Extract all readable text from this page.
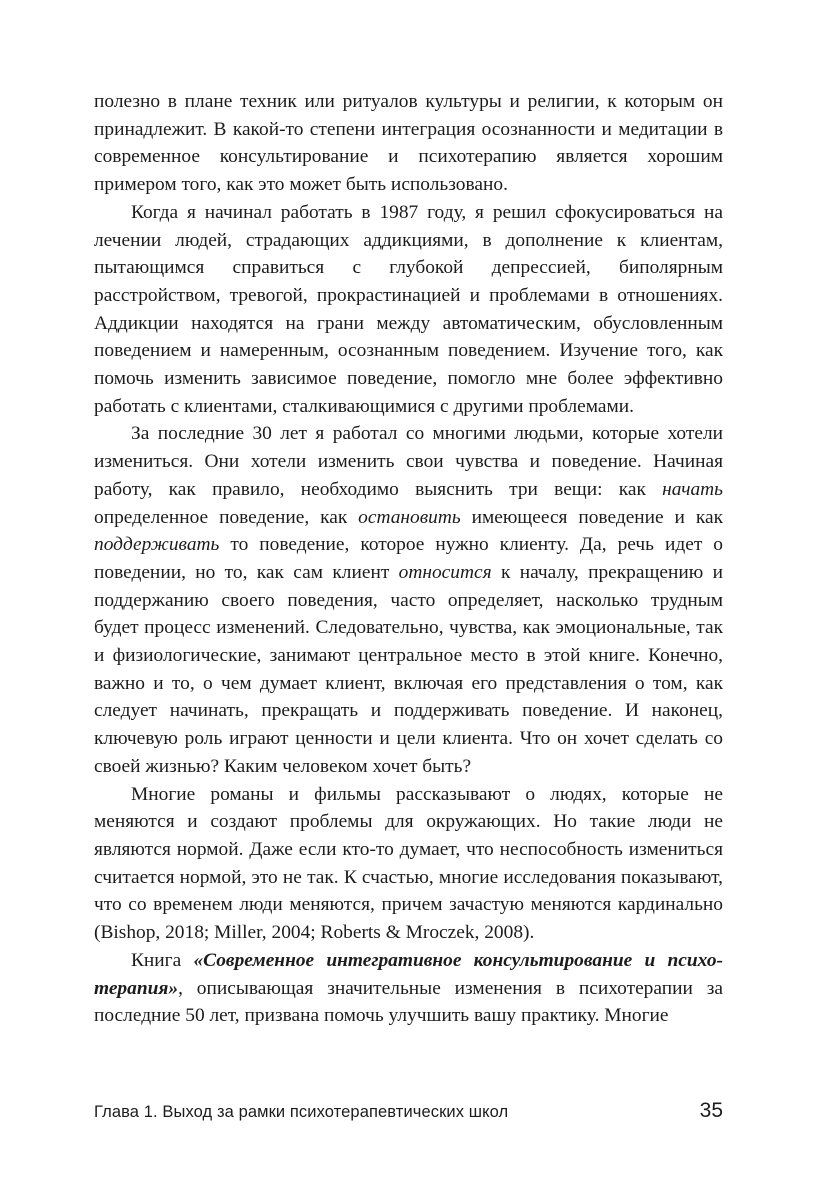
полезно в плане техник или ритуалов культуры и религии, к которым он принадлежит. В какой-то степени интеграция осознанности и медитации в современное консультирование и психотерапию является хорошим примером того, как это может быть использовано.

Когда я начинал работать в 1987 году, я решил сфокусироваться на лечении людей, страдающих аддикциями, в дополнение к клиентам, пытающимся справиться с глубокой депрессией, биполярным расстройством, тревогой, прокрастинацией и проблемами в отношениях. Аддикции находятся на грани между автоматическим, обусловленным поведением и намеренным, осознанным поведением. Изучение того, как помочь изменить зависимое поведение, помогло мне более эффективно работать с клиентами, сталкивающимися с другими проблемами.

За последние 30 лет я работал со многими людьми, которые хотели измениться. Они хотели изменить свои чувства и поведение. Начиная работу, как правило, необходимо выяснить три вещи: как начать определенное поведение, как остановить имеющееся поведение и как поддерживать то поведение, которое нужно клиенту. Да, речь идет о поведении, но то, как сам клиент относится к началу, прекращению и поддержанию своего поведения, часто определяет, насколько трудным будет процесс изменений. Следовательно, чувства, как эмоциональные, так и физиологические, занимают центральное место в этой книге. Конечно, важно и то, о чем думает клиент, включая его представления о том, как следует начинать, прекращать и поддерживать поведение. И наконец, ключевую роль играют ценности и цели клиента. Что он хочет сделать со своей жизнью? Каким человеком хочет быть?

Многие романы и фильмы рассказывают о людях, которые не меняются и создают проблемы для окружающих. Но такие люди не являются нормой. Даже если кто-то думает, что неспособность измениться считается нормой, это не так. К счастью, многие исследования показывают, что со временем люди меняются, причем зачастую меняются кардинально (Bishop, 2018; Miller, 2004; Roberts & Mroczek, 2008).

Книга «Современное интегративное консультирование и психотерапия», описывающая значительные изменения в психотерапии за последние 50 лет, призвана помочь улучшить вашу практику. Многие

Глава 1. Выход за рамки психотерапевтических школ	35
